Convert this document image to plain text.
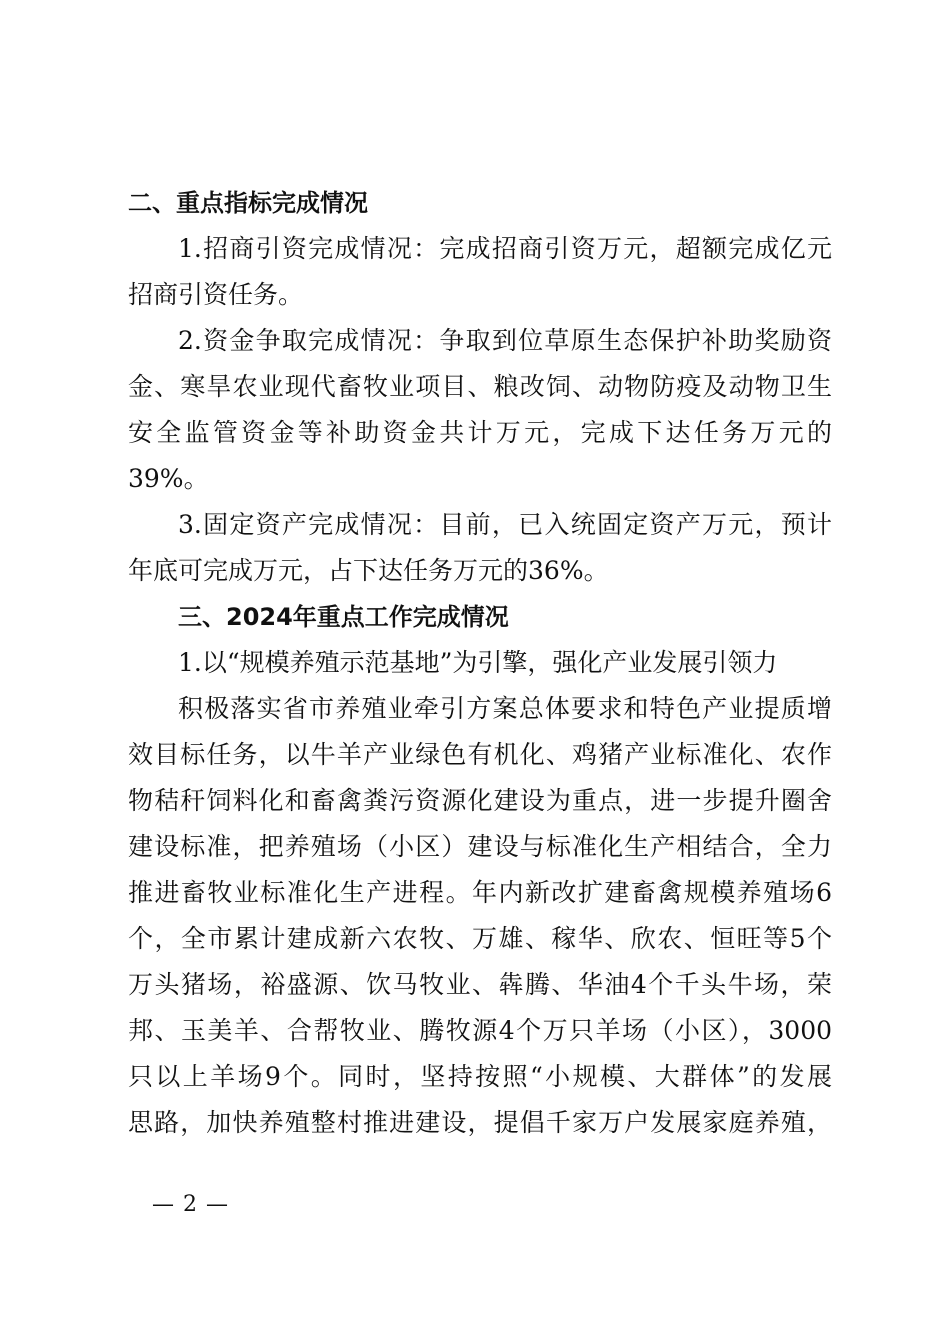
二、重点指标完成情况
1.招商引资完成情况：完成招商引资万元，超额完成亿元
招商引资任务。
2.资金争取完成情况：争取到位草原生态保护补助奖励资
金、寒旱农业现代畜牧业项目、粮改饲、动物防疫及动物卫生
安全监管资金等补助资金共计万元，完成下达任务万元的
39%。
3.固定资产完成情况：目前，已入统固定资产万元，预计
年底可完成万元，占下达任务万元的36%。
三、2024年重点工作完成情况
1.以“规模养殖示范基地”为引擎，强化产业发展引领力
积极落实省市养殖业牵引方案总体要求和特色产业提质增
效目标任务，以牛羊产业绿色有机化、鸡猪产业标准化、农作
物秸秆饲料化和畜禽粪污资源化建设为重点，进一步提升圈舍
建设标准，把养殖场（小区）建设与标准化生产相结合，全力
推进畜牧业标准化生产进程。年内新改扩建畜禽规模养殖场6
个，全市累计建成新六农牧、万雄、稼华、欣农、恒旺等5个
万头猪场，裕盛源、饮马牧业、犇腾、华油4个千头牛场，荣
邦、玉美羊、合帮牧业、腾牧源4个万只羊场（小区），3000
只以上羊场9个。同时，坚持按照“小规模、大群体”的发展
思路，加快养殖整村推进建设，提倡千家万户发展家庭养殖，
— 2 —
